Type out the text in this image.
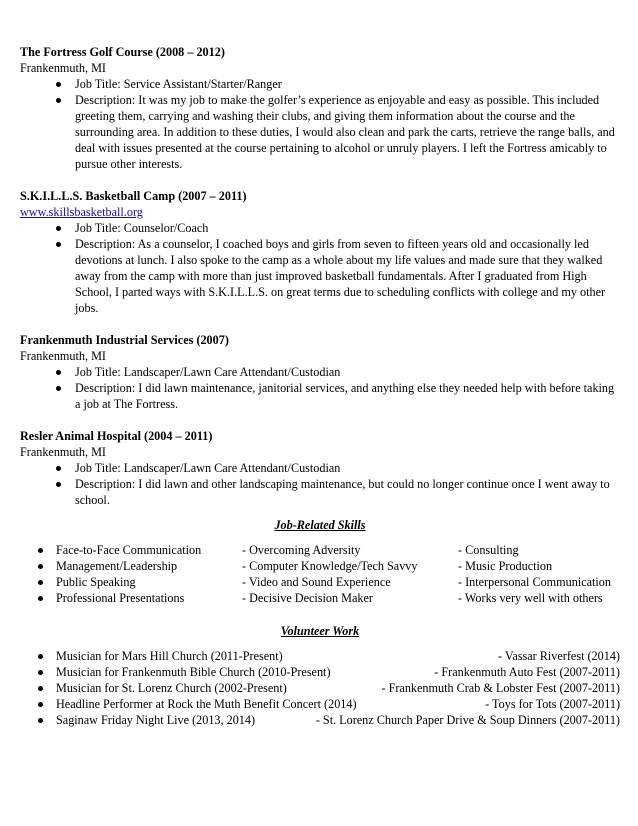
The Fortress Golf Course (2008 – 2012)
Frankenmuth, MI
Job Title: Service Assistant/Starter/Ranger
Description: It was my job to make the golfer’s experience as enjoyable and easy as possible. This included greeting them, carrying and washing their clubs, and giving them information about the course and the surrounding area. In addition to these duties, I would also clean and park the carts, retrieve the range balls, and deal with issues presented at the course pertaining to alcohol or unruly players. I left the Fortress amicably to pursue other interests.
S.K.I.L.L.S. Basketball Camp (2007 – 2011)
www.skillsbasketball.org
Job Title: Counselor/Coach
Description: As a counselor, I coached boys and girls from seven to fifteen years old and occasionally led devotions at lunch. I also spoke to the camp as a whole about my life values and made sure that they walked away from the camp with more than just improved basketball fundamentals. After I graduated from High School, I parted ways with S.K.I.L.L.S. on great terms due to scheduling conflicts with college and my other jobs.
Frankenmuth Industrial Services (2007)
Frankenmuth, MI
Job Title: Landscaper/Lawn Care Attendant/Custodian
Description: I did lawn maintenance, janitorial services, and anything else they needed help with before taking a job at The Fortress.
Resler Animal Hospital (2004 – 2011)
Frankenmuth, MI
Job Title: Landscaper/Lawn Care Attendant/Custodian
Description: I did lawn and other landscaping maintenance, but could no longer continue once I went away to school.
Job-Related Skills
Face-to-Face Communication	- Overcoming Adversity	- Consulting
Management/Leadership	- Computer Knowledge/Tech Savvy	- Music Production
Public Speaking	- Video and Sound Experience	- Interpersonal Communication
Professional Presentations	- Decisive Decision Maker	- Works very well with others
Volunteer Work
Musician for Mars Hill Church (2011-Present)	- Vassar Riverfest (2014)
Musician for Frankenmuth Bible Church (2010-Present)	- Frankenmuth Auto Fest (2007-2011)
Musician for St. Lorenz Church (2002-Present)	- Frankenmuth Crab & Lobster Fest (2007-2011)
Headline Performer at Rock the Muth Benefit Concert (2014)	- Toys for Tots (2007-2011)
Saginaw Friday Night Live (2013, 2014)	- St. Lorenz Church Paper Drive & Soup Dinners (2007-2011)
